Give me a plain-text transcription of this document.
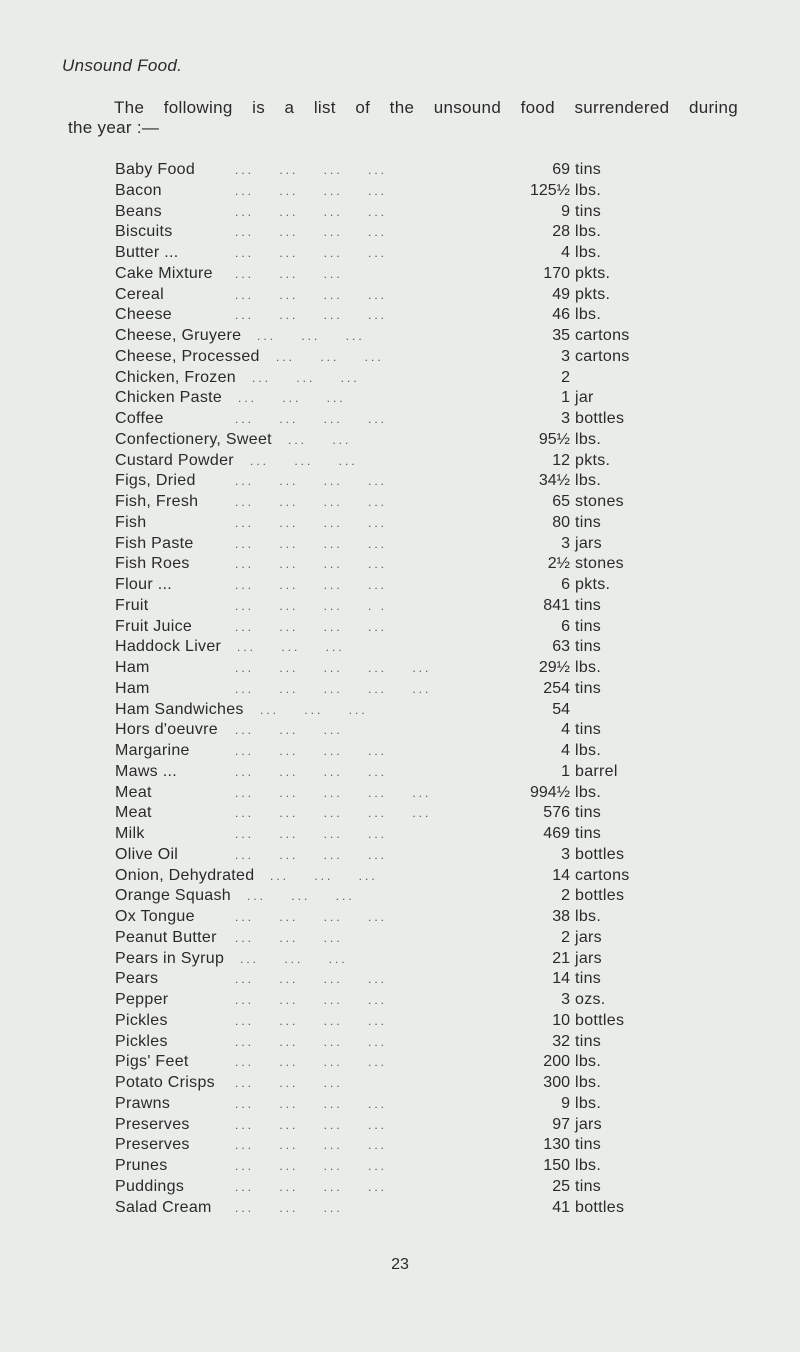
Unsound Food.
The following is a list of the unsound food surrendered during
the year :—
Baby Food	...    ...    ...    ...	69 tins
Bacon	...    ...    ...    ...	125½ lbs.
Beans	...    ...    ...    ...	9 tins
Biscuits	...    ...    ...    ...	28 lbs.
Butter ...	...    ...    ...    ...	4 lbs.
Cake Mixture ...    ...    ...	170 pkts.
Cereal	...    ...    ...    ...	49 pkts.
Cheese	...    ...    ...    ...	46 lbs.
Cheese, Gruyere ...    ...    ...	35 cartons
Cheese, Processed ...    ...    ...	3 cartons
Chicken, Frozen ...    ...    ...	2
Chicken Paste ...    ...    ...	1 jar
Coffee	...    ...    ...    ...	3 bottles
Confectionery, Sweet ...    ...	95½ lbs.
Custard Powder ...    ...    ...	12 pkts.
Figs, Dried	...    ...    ...    ...	34½ lbs.
Fish, Fresh	...    ...    ...    ...	65 stones
Fish	...    ...    ...    ...	80 tins
Fish Paste	...    ...    ...    ...	3 jars
Fish Roes	...    ...    ...    ...	2½ stones
Flour ...	...    ...    ...    ...	6 pkts.
Fruit	...    ...    ...    . .	841 tins
Fruit Juice	...    ...    ...    ...	6 tins
Haddock Liver ...    ...    ...	63 tins
Ham	...    ...    ...    ...    ...	29½ lbs.
Ham	...    ...    ...    ...    ...	254 tins
Ham Sandwiches ...    ...    ...	54
Hors d'oeuvre ...    ...    ...	4 tins
Margarine	...    ...    ...    ...	4 lbs.
Maws ...	...    ...    ...    ...	1 barrel
Meat	...    ...    ...    ...    ...	994½ lbs.
Meat	...    ...    ...    ...    ...	576 tins
Milk	...    ...    ...    ...	469 tins
Olive Oil	...    ...    ...    ...	3 bottles
Onion, Dehydrated ...    ...    ...	14 cartons
Orange Squash ...    ...    ...	2 bottles
Ox Tongue	...    ...    ...    ...	38 lbs.
Peanut Butter ...    ...    ...	2 jars
Pears in Syrup ...    ...    ...	21 jars
Pears	...    ...    ...    ...	14 tins
Pepper	...    ...    ...    ...	3 ozs.
Pickles	...    ...    ...    ...	10 bottles
Pickles	...    ...    ...    ...	32 tins
Pigs' Feet	...    ...    ...    ...	200 lbs.
Potato Crisps ...    ...    ...	300 lbs.
Prawns	...    ...    ...    ...	9 lbs.
Preserves	...    ...    ...    ...	97 jars
Preserves	...    ...    ...    ...	130 tins
Prunes	...    ...    ...    ...	150 lbs.
Puddings	...    ...    ...    ...	25 tins
Salad Cream ...    ...    ...	41 bottles
23
